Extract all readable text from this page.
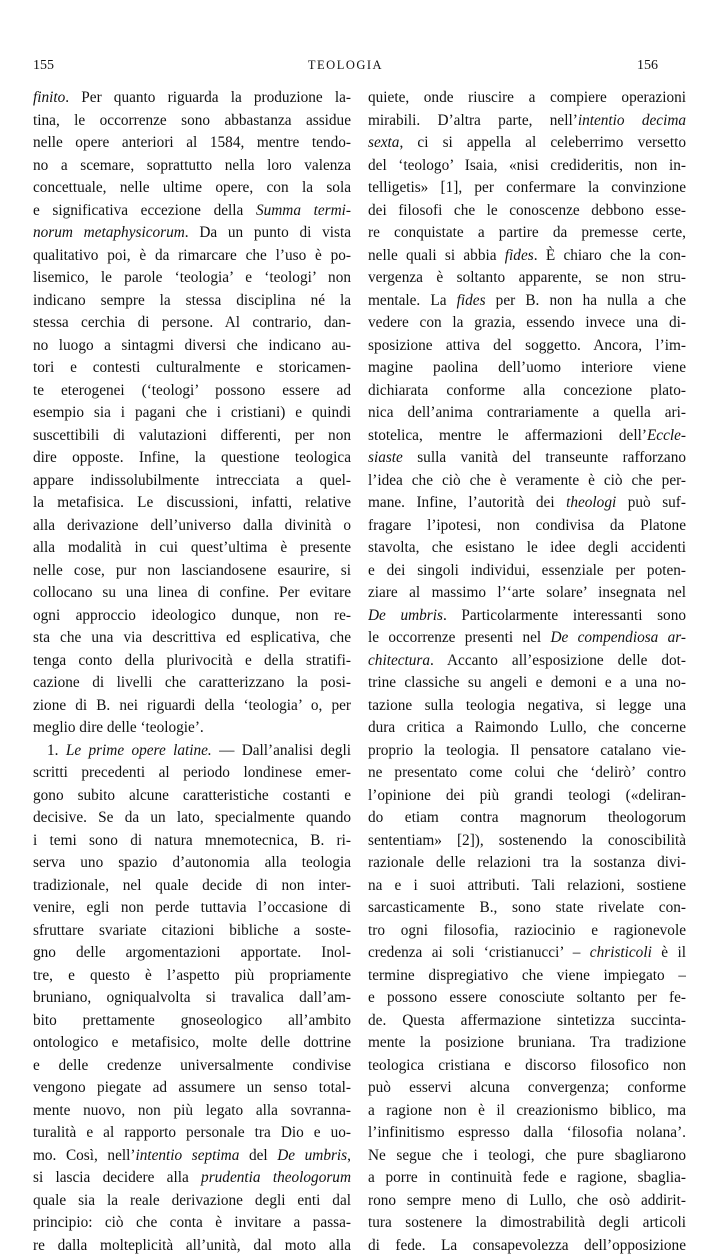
155	TEOLOGIA	156
finito. Per quanto riguarda la produzione la-
tina, le occorrenze sono abbastanza assidue
nelle opere anteriori al 1584, mentre tendo-
no a scemare, soprattutto nella loro valenza
concettuale, nelle ultime opere, con la sola
e significativa eccezione della Summa termi-
norum metaphysicorum. Da un punto di vista
qualitativo poi, è da rimarcare che l’uso è po-
lisemico, le parole ‘teologia’ e ‘teologi’ non
indicano sempre la stessa disciplina né la
stessa cerchia di persone. Al contrario, dan-
no luogo a sintagmi diversi che indicano au-
tori e contesti culturalmente e storicamen-
te eterogenei (‘teologi’ possono essere ad
esempio sia i pagani che i cristiani) e quindi
suscettibili di valutazioni differenti, per non
dire opposte. Infine, la questione teologica
appare indissolubilmente intrecciata a quel-
la metafisica. Le discussioni, infatti, relative
alla derivazione dell’universo dalla divinità o
alla modalità in cui quest’ultima è presente
nelle cose, pur non lasciandosene esaurire, si
collocano su una linea di confine. Per evitare
ogni approccio ideologico dunque, non re-
sta che una via descrittiva ed esplicativa, che
tenga conto della plurivocità e della stratifi-
cazione di livelli che caratterizzano la posi-
zione di B. nei riguardi della ‘teologia’ o, per
meglio dire delle ‘teologie’.
1. Le prime opere latine. — Dall’analisi degli
scritti precedenti al periodo londinese emer-
gono subito alcune caratteristiche costanti e
decisive. Se da un lato, specialmente quando
i temi sono di natura mnemotecnica, B. ri-
serva uno spazio d’autonomia alla teologia
tradizionale, nel quale decide di non inter-
venire, egli non perde tuttavia l’occasione di
sfruttare svariate citazioni bibliche a soste-
gno delle argomentazioni apportate. Inol-
tre, e questo è l’aspetto più propriamente
bruniano, ogniqualvolta si travalica dall’am-
bito prettamente gnoseologico all’ambito
ontologico e metafisico, molte delle dottrine
e delle credenze universalmente condivise
vengono piegate ad assumere un senso total-
mente nuovo, non più legato alla sovranna-
turalità e al rapporto personale tra Dio e uo-
mo. Così, nell’intentio septima del De umbris,
si lascia decidere alla prudentia theologorum
quale sia la reale derivazione degli enti dal
principio: ciò che conta è invitare a passa-
re dalla molteplicità all’unità, dal moto alla
quiete, onde riuscire a compiere operazioni
mirabili. D’altra parte, nell’intentio decima
sexta, ci si appella al celeberrimo versetto
del ‘teologo’ Isaia, «nisi credideritis, non in-
telligetis» [1], per confermare la convinzione
dei filosofi che le conoscenze debbono esse-
re conquistate a partire da premesse certe,
nelle quali si abbia fides. È chiaro che la con-
vergenza è soltanto apparente, se non stru-
mentale. La fides per B. non ha nulla a che
vedere con la grazia, essendo invece una di-
sposizione attiva del soggetto. Ancora, l’im-
magine paolina dell’uomo interiore viene
dichiarata conforme alla concezione plato-
nica dell’anima contrariamente a quella ari-
stotelica, mentre le affermazioni dell’Eccle-
siaste sulla vanità del transeunte rafforzano
l’idea che ciò che è veramente è ciò che per-
mane. Infine, l’autorità dei theologi può suf-
fragare l’ipotesi, non condivisa da Platone
stavolta, che esistano le idee degli accidenti
e dei singoli individui, essenziale per poten-
ziare al massimo l’‘arte solare’ insegnata nel
De umbris. Particolarmente interessanti sono
le occorrenze presenti nel De compendiosa ar-
chitectura. Accanto all’esposizione delle dot-
trine classiche su angeli e demoni e a una no-
tazione sulla teologia negativa, si legge una
dura critica a Raimondo Lullo, che concerne
proprio la teologia. Il pensatore catalano vie-
ne presentato come colui che ‘delirò’ contro
l’opinione dei più grandi teologi («deliran-
do etiam contra magnorum theologorum
sententiam» [2]), sostenendo la conoscibilità
razionale delle relazioni tra la sostanza divi-
na e i suoi attributi. Tali relazioni, sostiene
sarcasticamente B., sono state rivelate con-
tro ogni filosofia, raziocinio e ragionevole
credenza ai soli ‘cristianucci’ – christicoli è il
termine dispregiativo che viene impiegato –
e possono essere conosciute soltanto per fe-
de. Questa affermazione sintetizza succinta-
mente la posizione bruniana. Tra tradizione
teologica cristiana e discorso filosofico non
può esservi alcuna convergenza; conforme
a ragione non è il creazionismo biblico, ma
l’infinitismo espresso dalla ‘filosofia nolana’.
Ne segue che i teologi, che pure sbagliarono
a porre in continuità fede e ragione, sbaglia-
rono sempre meno di Lullo, che osò addirit-
tura sostenere la dimostrabilità degli articoli
di fede. La consapevolezza dell’opposizione
